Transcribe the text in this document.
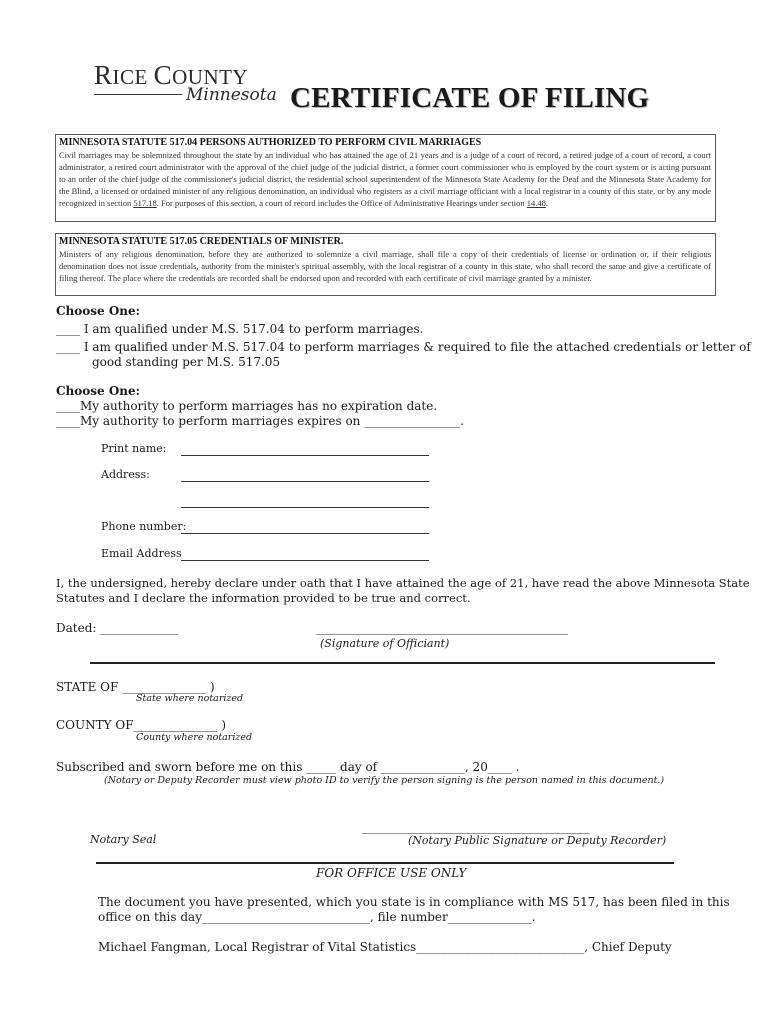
RICE COUNTY
Minnesota CERTIFICATE OF FILING
MINNESOTA STATUTE 517.04 PERSONS AUTHORIZED TO PERFORM CIVIL MARRIAGES

Civil marriages may be solemnized throughout the state by an individual who has attained the age of 21 years and is a judge of a court of record, a retired judge of a court of record, a court administrator, a retired court administrator with the approval of the chief judge of the judicial district, a former court commissioner who is employed by the court system or is acting pursuant to an order of the chief judge of the commissioner's judicial district, the residential school superintendent of the Minnesota State Academy for the Deaf and the Minnesota State Academy for the Blind, a licensed or ordained minister of any religious denomination, an individual who registers as a civil marriage officiant with a local registrar in a county of this state, or by any mode recognized in section 517.18. For purposes of this section, a court of record includes the Office of Administrative Hearings under section 14.48.

MINNESOTA STATUTE 517.05 CREDENTIALS OF MINISTER.

Ministers of any religious denomination, before they are authorized to solemnize a civil marriage, shall file a copy of their credentials of license or ordination or, if their religious denomination does not issue credentials, authority from the minister's spiritual assembly, with the local registrar of a county in this state, who shall record the same and give a certificate of filing thereof. The place where the credentials are recorded shall be endorsed upon and recorded with each certificate of civil marriage granted by a minister.

Choose One:
____ I am qualified under M.S. 517.04 to perform marriages.
____ I am qualified under M.S. 517.04 to perform marriages & required to file the attached credentials or letter of
good standing per M.S. 517.05
Choose One:
____My authority to perform marriages has no expiration date.
____My authority to perform marriages expires on ________________.
Print name:
Address:
Phone number:
Email Address
I, the undersigned, hereby declare under oath that I have attained the age of 21, have read the above Minnesota State
Statutes and I declare the information provided to be true and correct.
Dated: _____________	__________________________________________
(Signature of Officiant)
STATE OF ______________ )
State where notarized
COUNTY OF______________ )
County where notarized
Subscribed and sworn before me on this _____ day of ______________, 20____ .
(Notary or Deputy Recorder must view photo ID to verify the person signing is the person named in this document.)
Notary Seal
______________________________________
(Notary Public Signature or Deputy Recorder)
FOR OFFICE USE ONLY
The document you have presented, which you state is in compliance with MS 517, has been filed in this
office on this day____________________________, file number______________.
Michael Fangman, Local Registrar of Vital Statistics____________________________, Chief Deputy
